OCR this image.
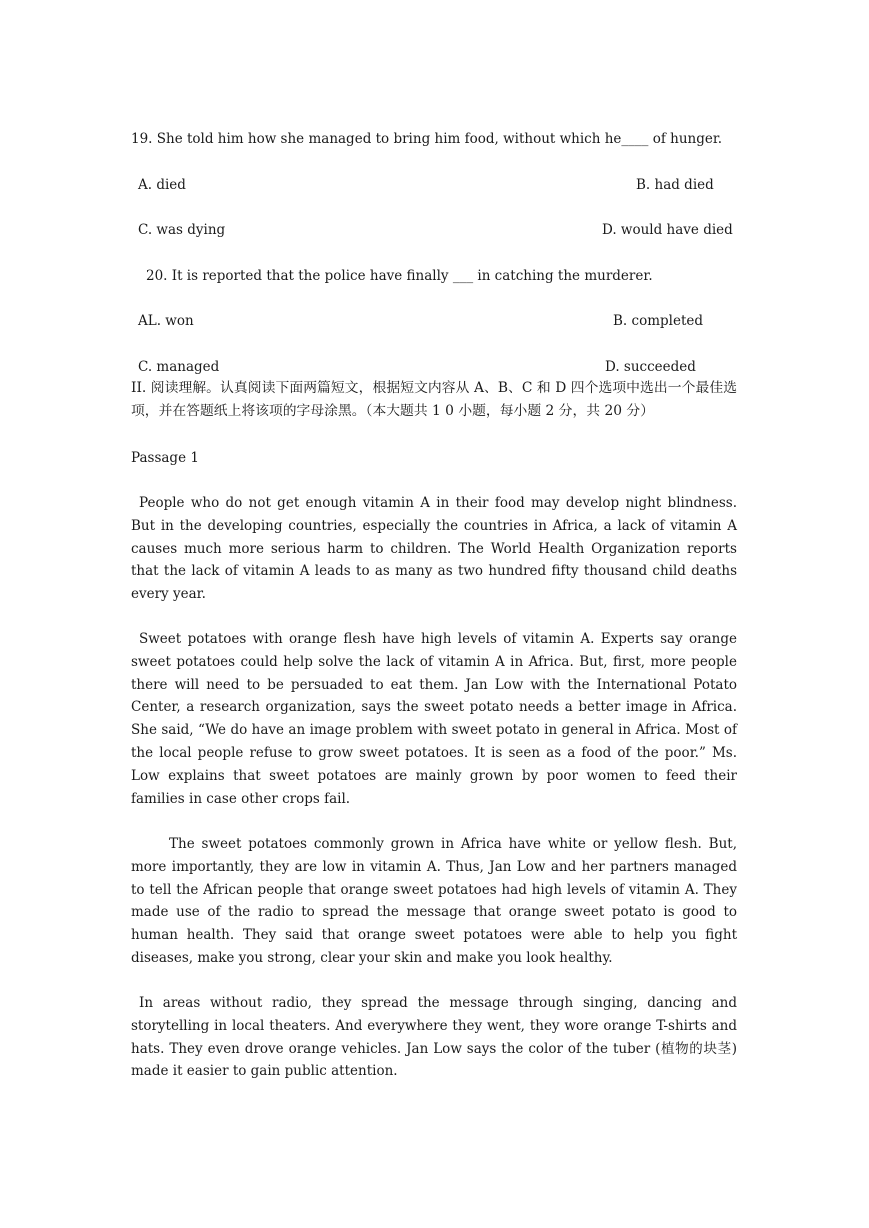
19. She told him how she managed to bring him food, without which he____ of hunger.
A. died	B. had died
C. was dying	D. would have died
20. It is reported that the police have finally ___ in catching the murderer.
AL. won	B. completed
C. managed	D. succeeded
II. 阅读理解。认真阅读下面两篇短文，根据短文内容从 A、B、C 和 D 四个选项中选出一个最佳选项，并在答题纸上将该项的字母涂黑。（本大题共 1 0 小题，每小题 2 分，共 20 分）
Passage 1
People who do not get enough vitamin A in their food may develop night blindness. But in the developing countries, especially the countries in Africa, a lack of vitamin A causes much more serious harm to children. The World Health Organization reports that the lack of vitamin A leads to as many as two hundred fifty thousand child deaths every year.
Sweet potatoes with orange flesh have high levels of vitamin A. Experts say orange sweet potatoes could help solve the lack of vitamin A in Africa. But, first, more people there will need to be persuaded to eat them. Jan Low with the International Potato Center, a research organization, says the sweet potato needs a better image in Africa. She said, “We do have an image problem with sweet potato in general in Africa. Most of the local people refuse to grow sweet potatoes. It is seen as a food of the poor.” Ms. Low explains that sweet potatoes are mainly grown by poor women to feed their families in case other crops fail.
The sweet potatoes commonly grown in Africa have white or yellow flesh. But, more importantly, they are low in vitamin A. Thus, Jan Low and her partners managed to tell the African people that orange sweet potatoes had high levels of vitamin A. They made use of the radio to spread the message that orange sweet potato is good to human health. They said that orange sweet potatoes were able to help you fight diseases, make you strong, clear your skin and make you look healthy.
In areas without radio, they spread the message through singing, dancing and storytelling in local theaters. And everywhere they went, they wore orange T-shirts and hats. They even drove orange vehicles. Jan Low says the color of the tuber (植物的块茎) made it easier to gain public attention.
